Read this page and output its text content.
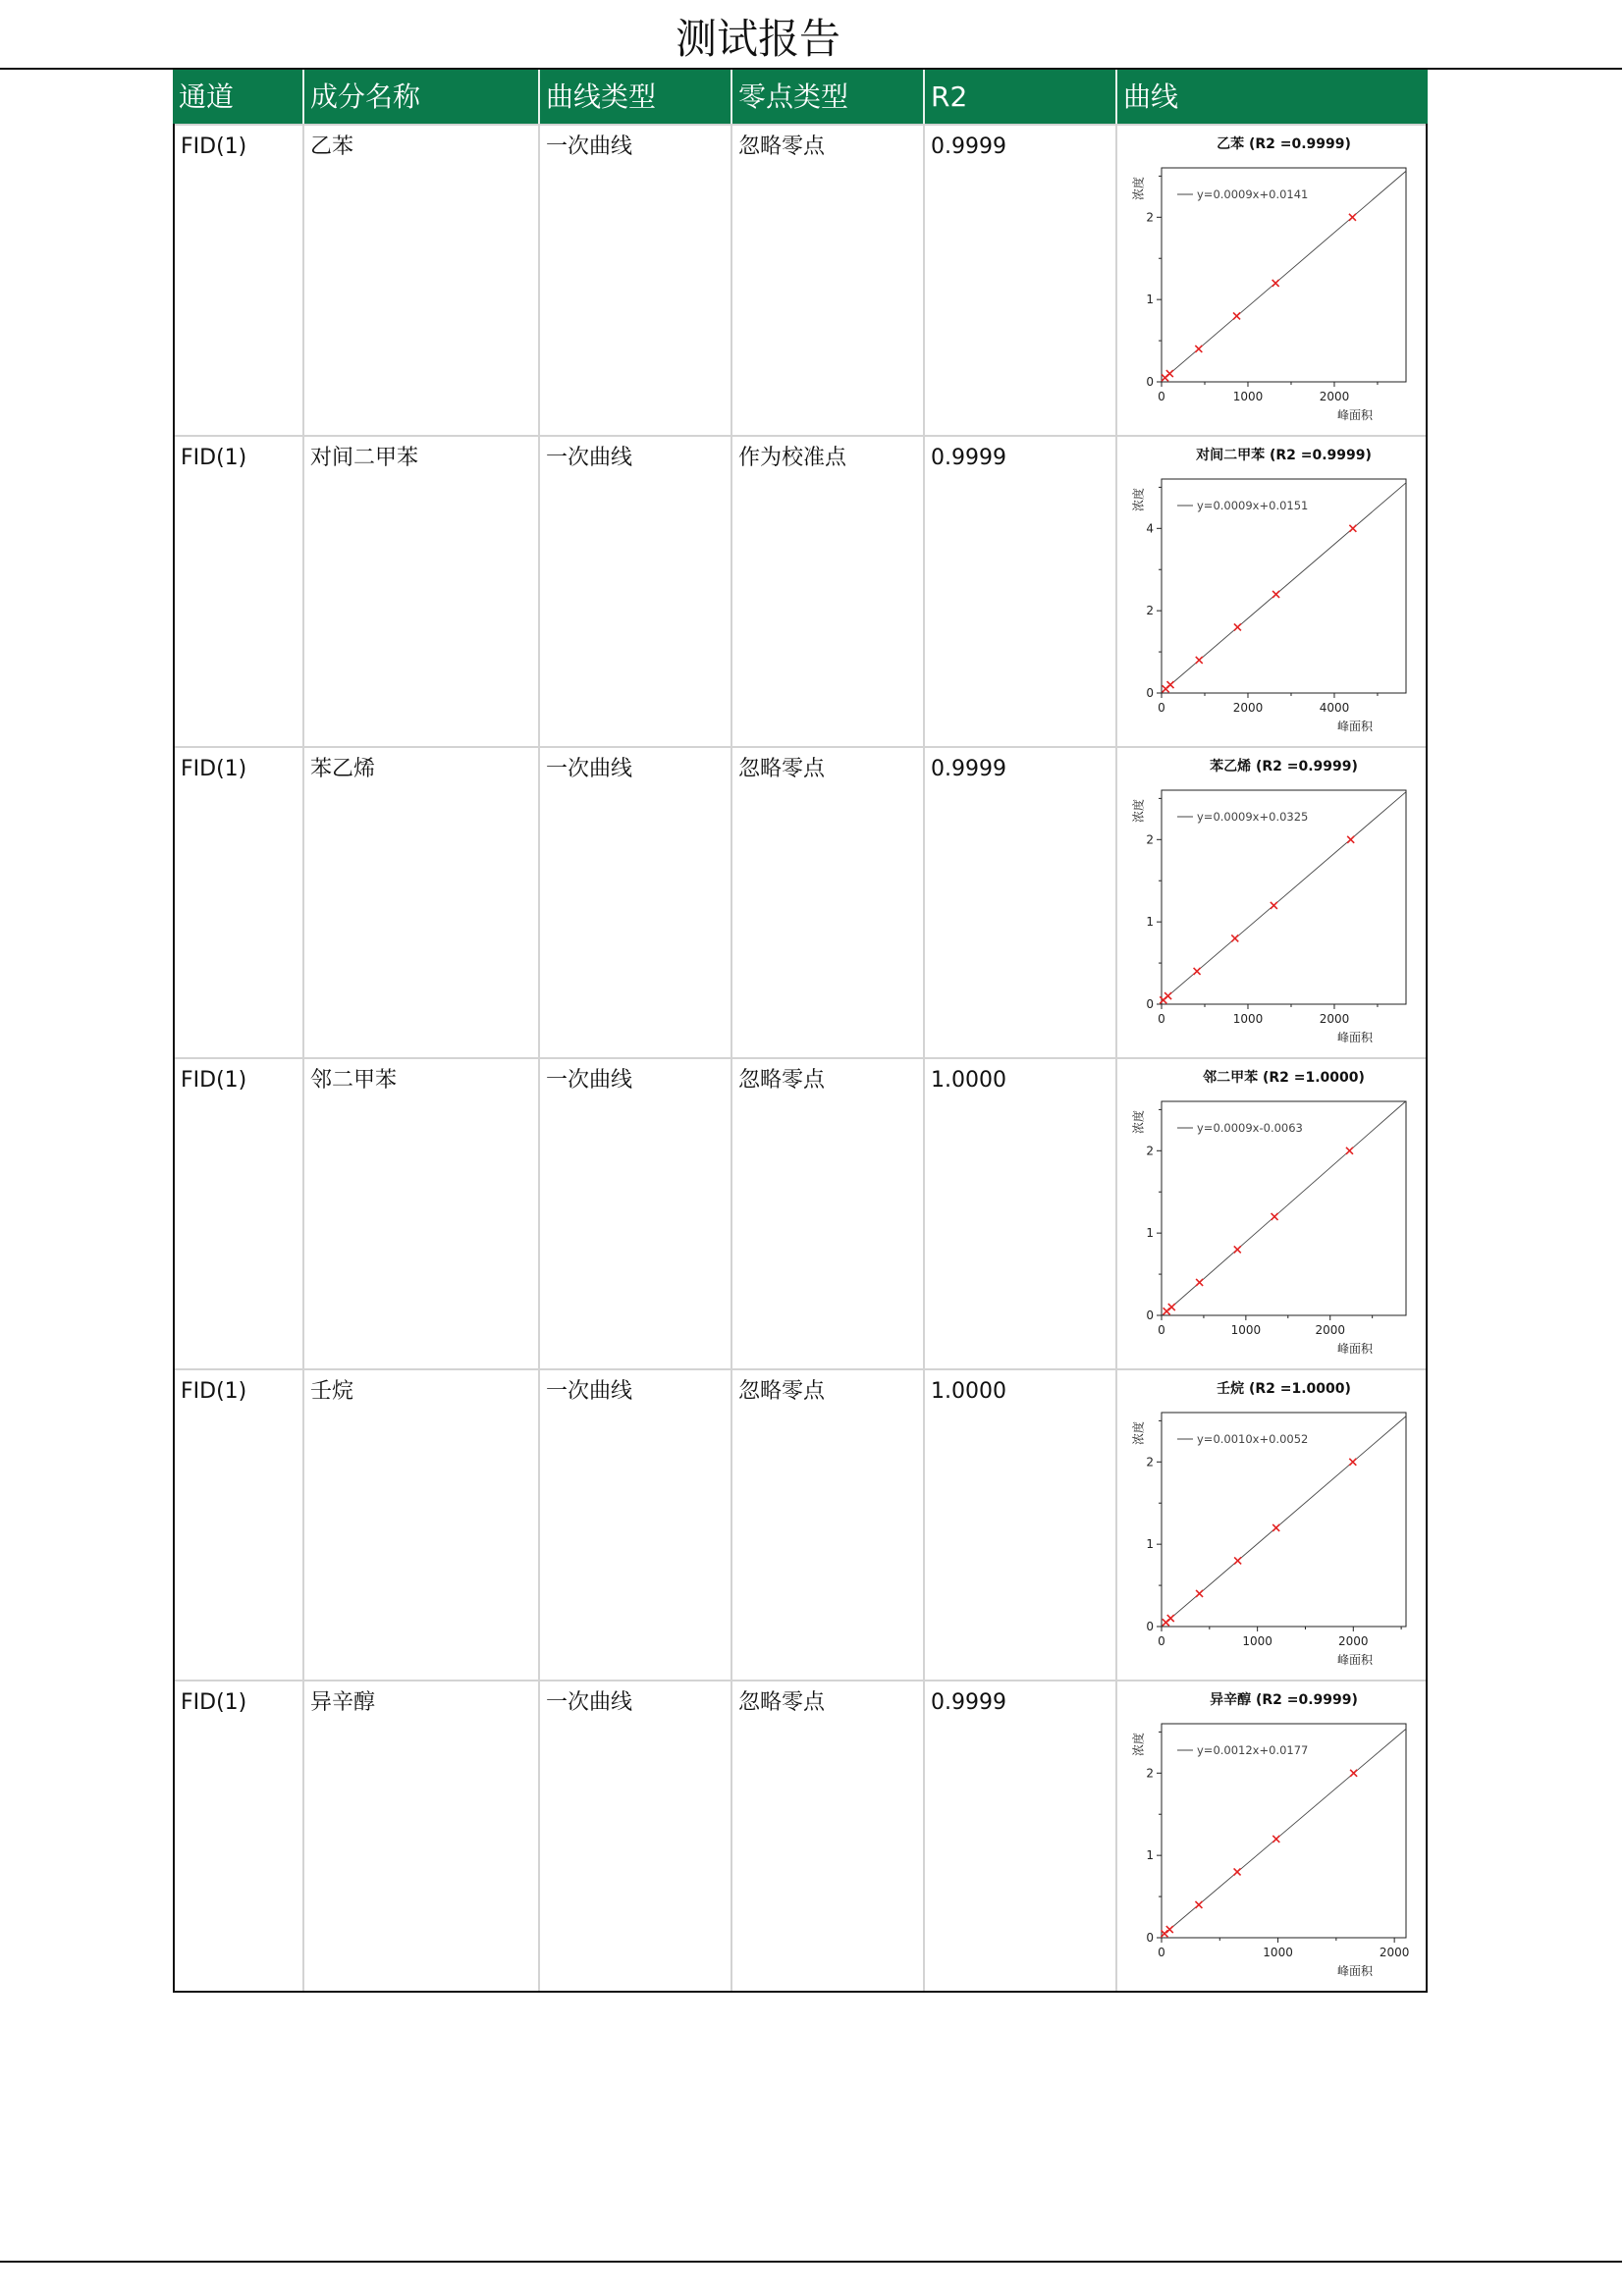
测试报告
通道	成分名称	曲线类型	零点类型	R2	曲线
FID(1)	乙苯	一次曲线	忽略零点	0.9999	乙苯 (R2 =0.9999)
0	1000	2000
0
1
2
y=0.0009x+0.0141
浓度
峰面积
FID(1)	对间二甲苯	一次曲线	作为校准点	0.9999	对间二甲苯 (R2 =0.9999)
0	2000	4000
0
2
4
y=0.0009x+0.0151
浓度
峰面积
FID(1)	苯乙烯	一次曲线	忽略零点	0.9999	苯乙烯 (R2 =0.9999)
0	1000	2000
0
1
2
y=0.0009x+0.0325
浓度
峰面积
FID(1)	邻二甲苯	一次曲线	忽略零点	1.0000	邻二甲苯 (R2 =1.0000)
0	1000	2000
0
1
2
y=0.0009x-0.0063
浓度
峰面积
FID(1)	壬烷	一次曲线	忽略零点	1.0000	壬烷 (R2 =1.0000)
0	1000	2000
0
1
2
y=0.0010x+0.0052
浓度
峰面积
FID(1)	异辛醇	一次曲线	忽略零点	0.9999	异辛醇 (R2 =0.9999)
0	1000	2000
0
1
2
y=0.0012x+0.0177
浓度
峰面积
